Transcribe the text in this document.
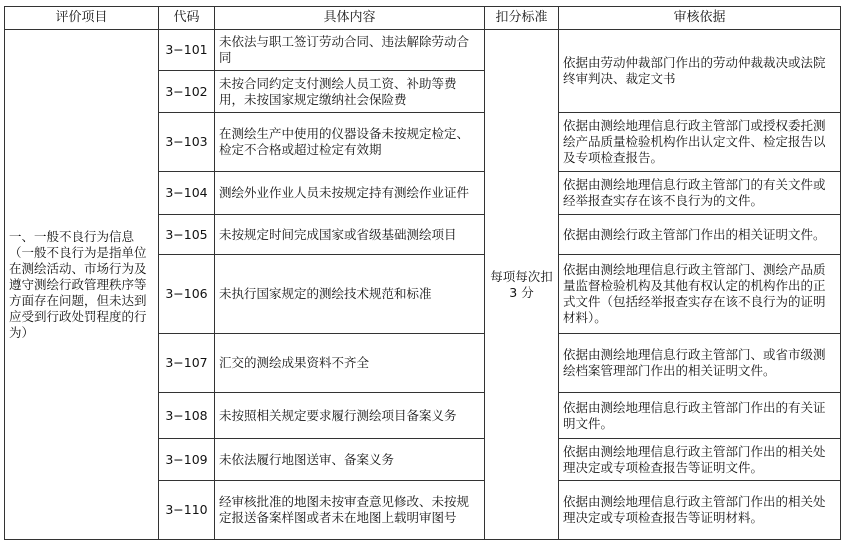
评价项目	代码	具体内容	扣分标准	审核依据
一、一般不良行为信息（一般不良行为是指单位在测绘活动、市场行为及遵守测绘行政管理秩序等方面存在问题，但未达到应受到行政处罚程度的行为）	3−101	未依法与职工签订劳动合同、违法解除劳动合同	每项每次扣 3 分	依据由劳动仲裁部门作出的劳动仲裁裁决或法院终审判决、裁定文书
	3−102	未按合同约定支付测绘人员工资、补助等费用，未按国家规定缴纳社会保险费		
	3−103	在测绘生产中使用的仪器设备未按规定检定、检定不合格或超过检定有效期		依据由测绘地理信息行政主管部门或授权委托测绘产品质量检验机构作出认定文件、检定报告以及专项检查报告。
	3−104	测绘外业作业人员未按规定持有测绘作业证件		依据由测绘地理信息行政主管部门的有关文件或经举报查实存在该不良行为的文件。
	3−105	未按规定时间完成国家或省级基础测绘项目		依据由测绘行政主管部门作出的相关证明文件。
	3−106	未执行国家规定的测绘技术规范和标准		依据由测绘地理信息行政主管部门、测绘产品质量监督检验机构及其他有权认定的机构作出的正式文件（包括经举报查实存在该不良行为的证明材料）。
	3−107	汇交的测绘成果资料不齐全		依据由测绘地理信息行政主管部门、或省市级测绘档案管理部门作出的相关证明文件。
	3−108	未按照相关规定要求履行测绘项目备案义务		依据由测绘地理信息行政主管部门作出的有关证明文件。
	3−109	未依法履行地图送审、备案义务		依据由测绘地理信息行政主管部门作出的相关处理决定或专项检查报告等证明文件。
	3−110	经审核批准的地图未按审查意见修改、未按规定报送备案样图或者未在地图上载明审图号		依据由测绘地理信息行政主管部门作出的相关处理决定或专项检查报告等证明材料。
